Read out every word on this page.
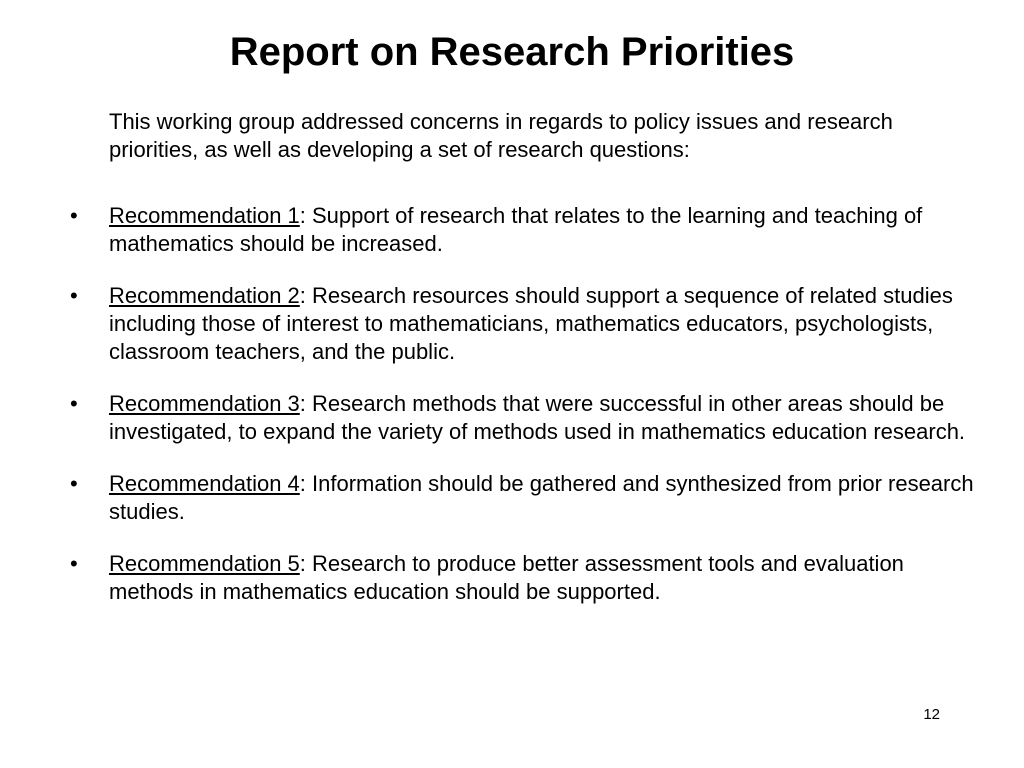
Report on Research Priorities

This working group addressed concerns in regards to policy issues and research priorities, as well as developing a set of research questions:

• Recommendation 1: Support of research that relates to the learning and teaching of mathematics should be increased.
• Recommendation 2: Research resources should support a sequence of related studies including those of interest to mathematicians, mathematics educators, psychologists, classroom teachers, and the public.
• Recommendation 3: Research methods that were successful in other areas should be investigated, to expand the variety of methods used in mathematics education research.
• Recommendation 4: Information should be gathered and synthesized from prior research studies.
• Recommendation 5: Research to produce better assessment tools and evaluation methods in mathematics education should be supported.

12
